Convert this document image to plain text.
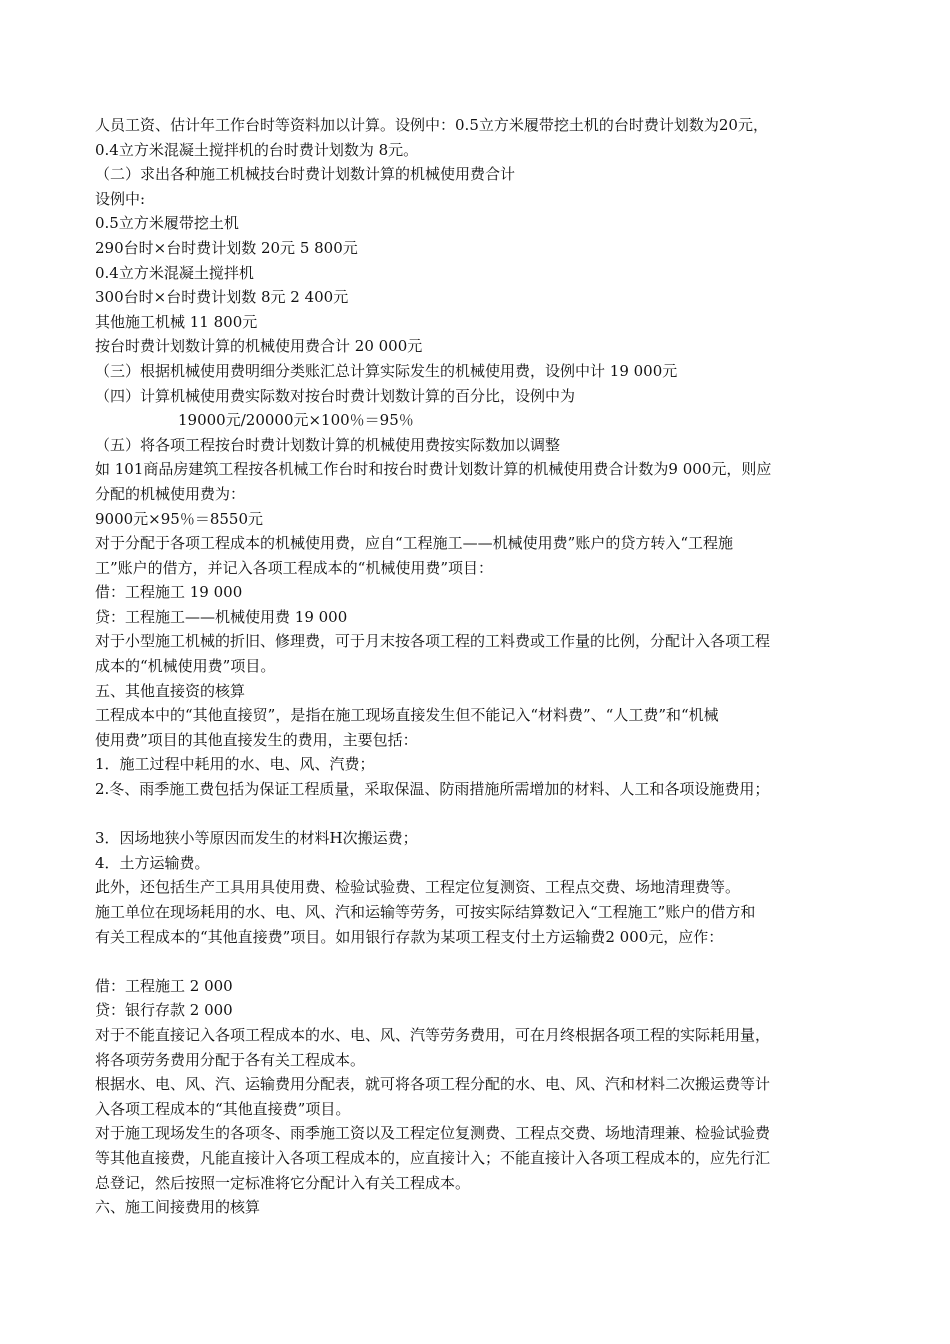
人员工资、估计年工作台时等资料加以计算。设例中：0.5立方米履带挖土机的台时费计划数为20元，
0.4立方米混凝土搅拌机的台时费计划数为 8元。
（二）求出各种施工机械技台时费计划数计算的机械使用费合计
设例中:
0.5立方米履带挖土机
290台时×台时费计划数 20元 5 800元
0.4立方米混凝土搅拌机
300台时×台时费计划数 8元 2 400元
其他施工机械 11 800元
按台时费计划数计算的机械使用费合计 20 000元
（三）根据机械使用费明细分类账汇总计算实际发生的机械使用费，设例中计 19 000元
（四）计算机械使用费实际数对按台时费计划数计算的百分比，设例中为
19000元/20000元×100％＝95％
（五）将各项工程按台时费计划数计算的机械使用费按实际数加以调整
如 101商品房建筑工程按各机械工作台时和按台时费计划数计算的机械使用费合计数为9 000元，则应
分配的机械使用费为：
9000元×95％＝8550元
对于分配于各项工程成本的机械使用费，应自“工程施工——机械使用费”账户的贷方转入“工程施
工”账户的借方，并记入各项工程成本的“机械使用费”项目：
借：工程施工 19 000
贷：工程施工——机械使用费 19 000
对于小型施工机械的折旧、修理费，可于月末按各项工程的工料费或工作量的比例，分配计入各项工程
成本的“机械使用费”项目。
五、其他直接资的核算
工程成本中的“其他直接贸”，是指在施工现场直接发生但不能记入“材料费”、“人工费”和“机械
使用费”项目的其他直接发生的费用，主要包括：
1．施工过程中耗用的水、电、风、汽费；
2.冬、雨季施工费包括为保证工程质量，采取保温、防雨措施所需增加的材料、人工和各项设施费用；
3．因场地狭小等原因而发生的材料H次搬运费；
4．土方运输费。
此外，还包括生产工具用具使用费、检验试验费、工程定位复测资、工程点交费、场地清理费等。
施工单位在现场耗用的水、电、风、汽和运输等劳务，可按实际结算数记入“工程施工”账户的借方和
有关工程成本的“其他直接费”项目。如用银行存款为某项工程支付土方运输费2 000元，应作：
借：工程施工 2 000
贷：银行存款 2 000
对于不能直接记入各项工程成本的水、电、风、汽等劳务费用，可在月终根据各项工程的实际耗用量，
将各项劳务费用分配于各有关工程成本。
根据水、电、风、汽、运输费用分配表，就可将各项工程分配的水、电、风、汽和材料二次搬运费等计
入各项工程成本的“其他直接费”项目。
对于施工现场发生的各项冬、雨季施工资以及工程定位复测费、工程点交费、场地清理兼、检验试验费
等其他直接费，凡能直接计入各项工程成本的，应直接计入；不能直接计入各项工程成本的，应先行汇
总登记，然后按照一定标准将它分配计入有关工程成本。
六、施工间接费用的核算
